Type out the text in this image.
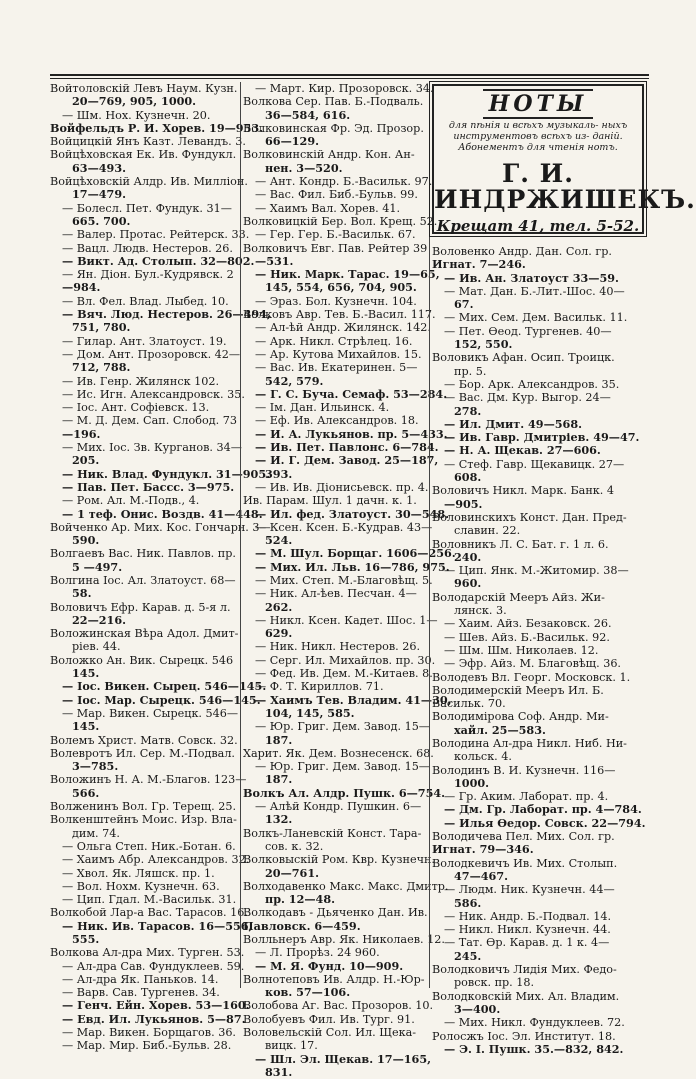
Войтоловскій Левъ Наум. Кузн.

20—769, 905, 1000.

— Шм. Нох. Кузнечн. 20.

Войфельдъ Р. И. Хорев. 19—953.

Войцицкій Янъ Казт. Левандъ. 3.

Войцѣховская Ек. Ив. Фундукл.

63—493.

Войцѣховскій Алдр. Ив. Милліон.

17—479.

— Болесл. Пет. Фундук. 31—

665. 700.

— Валер. Протас. Рейтерск. 33.

— Вацл. Людв. Нестеров. 26.

— Викт. Ад. Столып. 32—802.

— Ян. Діон. Бул.-Кудрявск. 2

—984.

— Вл. Фел. Влад. Лыбед. 10.

— Вяч. Люд. Нестеров. 26—494,

751, 780.

— Гилар. Ант. Златоуст. 19.

— Дом. Ант. Прозоровск. 42—

712, 788.

— Ив. Генр. Жилянск 102.

— Ис. Игн. Александровск. 35.

— Іос. Ант. Софіевск. 13.

— М. Д. Дем. Сап. Слобод. 73

—196.

— Мих. Іос. Зв. Курганов. 34—

205.

— Ник. Влад. Фундукл. 31—905.

— Пав. Пет. Бассс. 3—975.

— Ром. Ал. М.-Подв., 4.

— 1 теф. Онис. Воздв. 41—448.

Войченко Ар. Мих. Кос. Гончарн. 3—

590.

Волгаевъ Вас. Ник. Павлов. пр.

5 —497.

Волгина Іос. Ал. Златоуст. 68—

58.

Воловичъ Ефр. Карав. д. 5-я л.

22—216.

Воложинская Вѣра Адол. Дмит-

ріев. 44.

Воложко Ан. Вик. Сырецк. 546

145.

— Іос. Викен. Сырец. 546—145.

— Іос. Мар. Сырецк. 546—145.

— Мар. Викен. Сырецк. 546—

145.

Волемъ Христ. Матв. Совск. 32.

Волевротъ Ил. Сер. М.-Подвал.

3—785.

Воложинъ Н. А. М.-Благов. 123—

566.

Волженинъ Вол. Гр. Терещ. 25.

Волкенштейнъ Моис. Изр. Вла-

дим. 74.

— Ольга Степ. Ник.-Ботан. 6.

— Хаимъ Абр. Александров. 32.

— Хвол. Як. Ляшск. пр. 1.

— Вол. Нохм. Кузнечн. 63.

— Цип. Гдал. М.-Васильк. 31.

Волкобой Лар-а Вас. Тарасов. 16.

— Ник. Ив. Тарасов. 16—556,

555.

Волкова Ал-дра Мих. Турген. 53.

— Ал-дра Сав. Фундуклеев. 59.

— Ал-дра Як. Паньков. 14.

— Варв. Сав. Тургенев. 34.

— Генч. Ейн. Хорев. 53—160.

— Евд. Ил. Лукьянов. 5—87.

— Мар. Викен. Борщагов. 36.

— Мар. Мир. Биб.-Бульв. 28.

— Март. Кир. Прозоровск. 34.

Волкова Сер. Пав. Б.-Подваль.

36—584, 616.

Волковинская Фр. Эд. Прозор.

66—129.

Волковинскій Андр. Кон. Ан-

нен. 3—520.

— Ант. Кондр. Б.-Васильк. 97.

— Вас. Фил. Биб.-Бульв. 99.

— Хаимъ Вал. Хорев. 41.

Волковицкій Бер. Вол. Крещ. 52.

— Гер. Гер. Б.-Васильк. 67.

Волковичъ Евг. Пав. Рейтер 39

—531.

— Ник. Марк. Тарас. 19—65,

145, 554, 656, 704, 905.

— Эраз. Бол. Кузнечн. 104.

Волковъ Авр. Тев. Б.-Васил. 117.

— Ал-ѣй Андр. Жилянск. 142.

— Арк. Никл. Стрѣлец. 16.

— Ар. Кутова Михайлов. 15.

— Вас. Ив. Екатеринен. 5—

542, 579.

— Г. С. Буча. Семаф. 53—284.

— Ім. Дан. Ильинск. 4.

— Еф. Ив. Александров. 18.

— И. А. Лукьянов. пр. 5—433.

— Ив. Пет. Павлонс. 6—784.

— И. Г. Дем. Завод. 25—187,

393.

— Ив. Ив. Діонисьевск. пр. 4.

Ив. Парам. Шул. 1 дачн. к. 1.

— Ил. фед. Златоуст. 30—548.

— Ксен. Ксен. Б.-Кудрав. 43—

524.

— М. Шул. Борщаг. 1606—256.

— Мих. Ил. Льв. 16—786, 975.

— Мих. Степ. М.-Благовѣщ. 5.

— Ник. Ал-ѣев. Песчан. 4—

262.

— Никл. Ксен. Кадет. Шос. 1—

629.

— Ник. Никл. Нестеров. 26.

— Серг. Ил. Михайлов. пр. 30.

— Фед. Ив. Дем. М.-Китаев. 8.

— Ф. Т. Кириллов. 71.

— Хаимъ Тев. Владим. 41—30,

104, 145, 585.

— Юр. Григ. Дем. Завод. 15—

187.

Харит. Як. Дем. Вознесенск. 68.

— Юр. Григ. Дем. Завод. 15—

187.

Волкъ Ал. Алдр. Пушк. 6—754.

— Алѣй Кондр. Пушкин. 6—

132.

Волкъ-Ланевскій Конст. Тара-

сов. к. 32.

Волковыскій Ром. Квр. Кузнечн.

20—761.

Волходавенко Макс. Макс. Дмитр.

пр. 12—48.

Волкодавъ - Дьяченко Дан. Ив.

Павловск. 6—459.

Волльнеръ Авр. Як. Николаев. 12.

— Л. Прорѣз. 24 960.

— М. Я. Фунд. 10—909.

Волнотеповъ Ив. Алдр. Н.-Юр-

ков. 57—106.

Волобова Аг. Вас. Прозоров. 10.

Волобуевъ Фил. Ив. Тург. 91.

Воловельскій Сол. Ил. Щека-

вицк. 17.

— Шл. Эл. Щекав. 17—165,

831.

НОТЫ
для пѣнія и всѣхъ музыкаль- ныхъ инструментовъ всѣхъ из- даній. Абонементъ для чтенія нотъ.
Г. И. ИНДРЖИШЕКЪ.
Крещат 41, тел. 5-52.

Воловенко Андр. Дан. Сол. гр.

Игнат. 7—246.

— Ив. Ан. Златоуст 33—59.

— Мат. Дан. Б.-Лит.-Шос. 40—

67.

— Мих. Сем. Дем. Васильк. 11.

— Пет. Ѳеод. Тургенев. 40—

152, 550.

Воловикъ Афан. Осип. Троицк.

пр. 5.

— Бор. Арк. Александров. 35.

— Вас. Дм. Кур. Выгор. 24—

278.

— Ил. Дмит. 49—568.

— Ив. Гавр. Дмитріев. 49—47.

— Н. А. Щекав. 27—606.

— Стеф. Гавр. Щекавицк. 27—

608.

Воловичъ Никл. Марк. Банк. 4

—905.

Воловинскихъ Конст. Дан. Пред-

славин. 22.

Воловникъ Л. С. Бат. г. 1 л. 6.

240.

— Цип. Янк. М.-Житомир. 38—

960.

Володарскій Мееръ Айз. Жи-

лянск. 3.

— Хаим. Айз. Безаковск. 26.

— Шев. Айз. Б.-Васильк. 92.

— Шм. Шм. Николаев. 12.

— Эфр. Айз. М. Благовѣщ. 36.

Володевъ Вл. Георг. Московск. 1.

Володимерскій Мееръ Ил. Б.

Васильк. 70.

Володимірова Соф. Андр. Ми-

хайл. 25—583.

Володина Ал-дра Никл. Ниб. Ни-

кольск. 4.

Володинъ В. И. Кузнечн. 116—

1000.

— Гр. Аким. Лаборат. пр. 4.

— Дм. Гр. Лаборат. пр. 4—784.

— Илья Ѳедор. Совск. 22—794.

Володичева Пел. Мих. Сол. гр.

Игнат. 79—346.

Володкевичъ Ив. Мих. Столып.

47—467.

— Людм. Ник. Кузнечн. 44—

586.

— Ник. Андр. Б.-Подвал. 14.

— Никл. Никл. Кузнечн. 44.

— Тат. Ѳр. Карав. д. 1 к. 4—

245.

Володковичъ Лидія Мих. Федо-

ровск. пр. 18.

Володковскій Мих. Ал. Владим.

3—400.

— Мих. Никл. Фундуклеев. 72.

Ролосжъ Іос. Эл. Институт. 18.

— Э. І. Пушк. 35.—832, 842.
